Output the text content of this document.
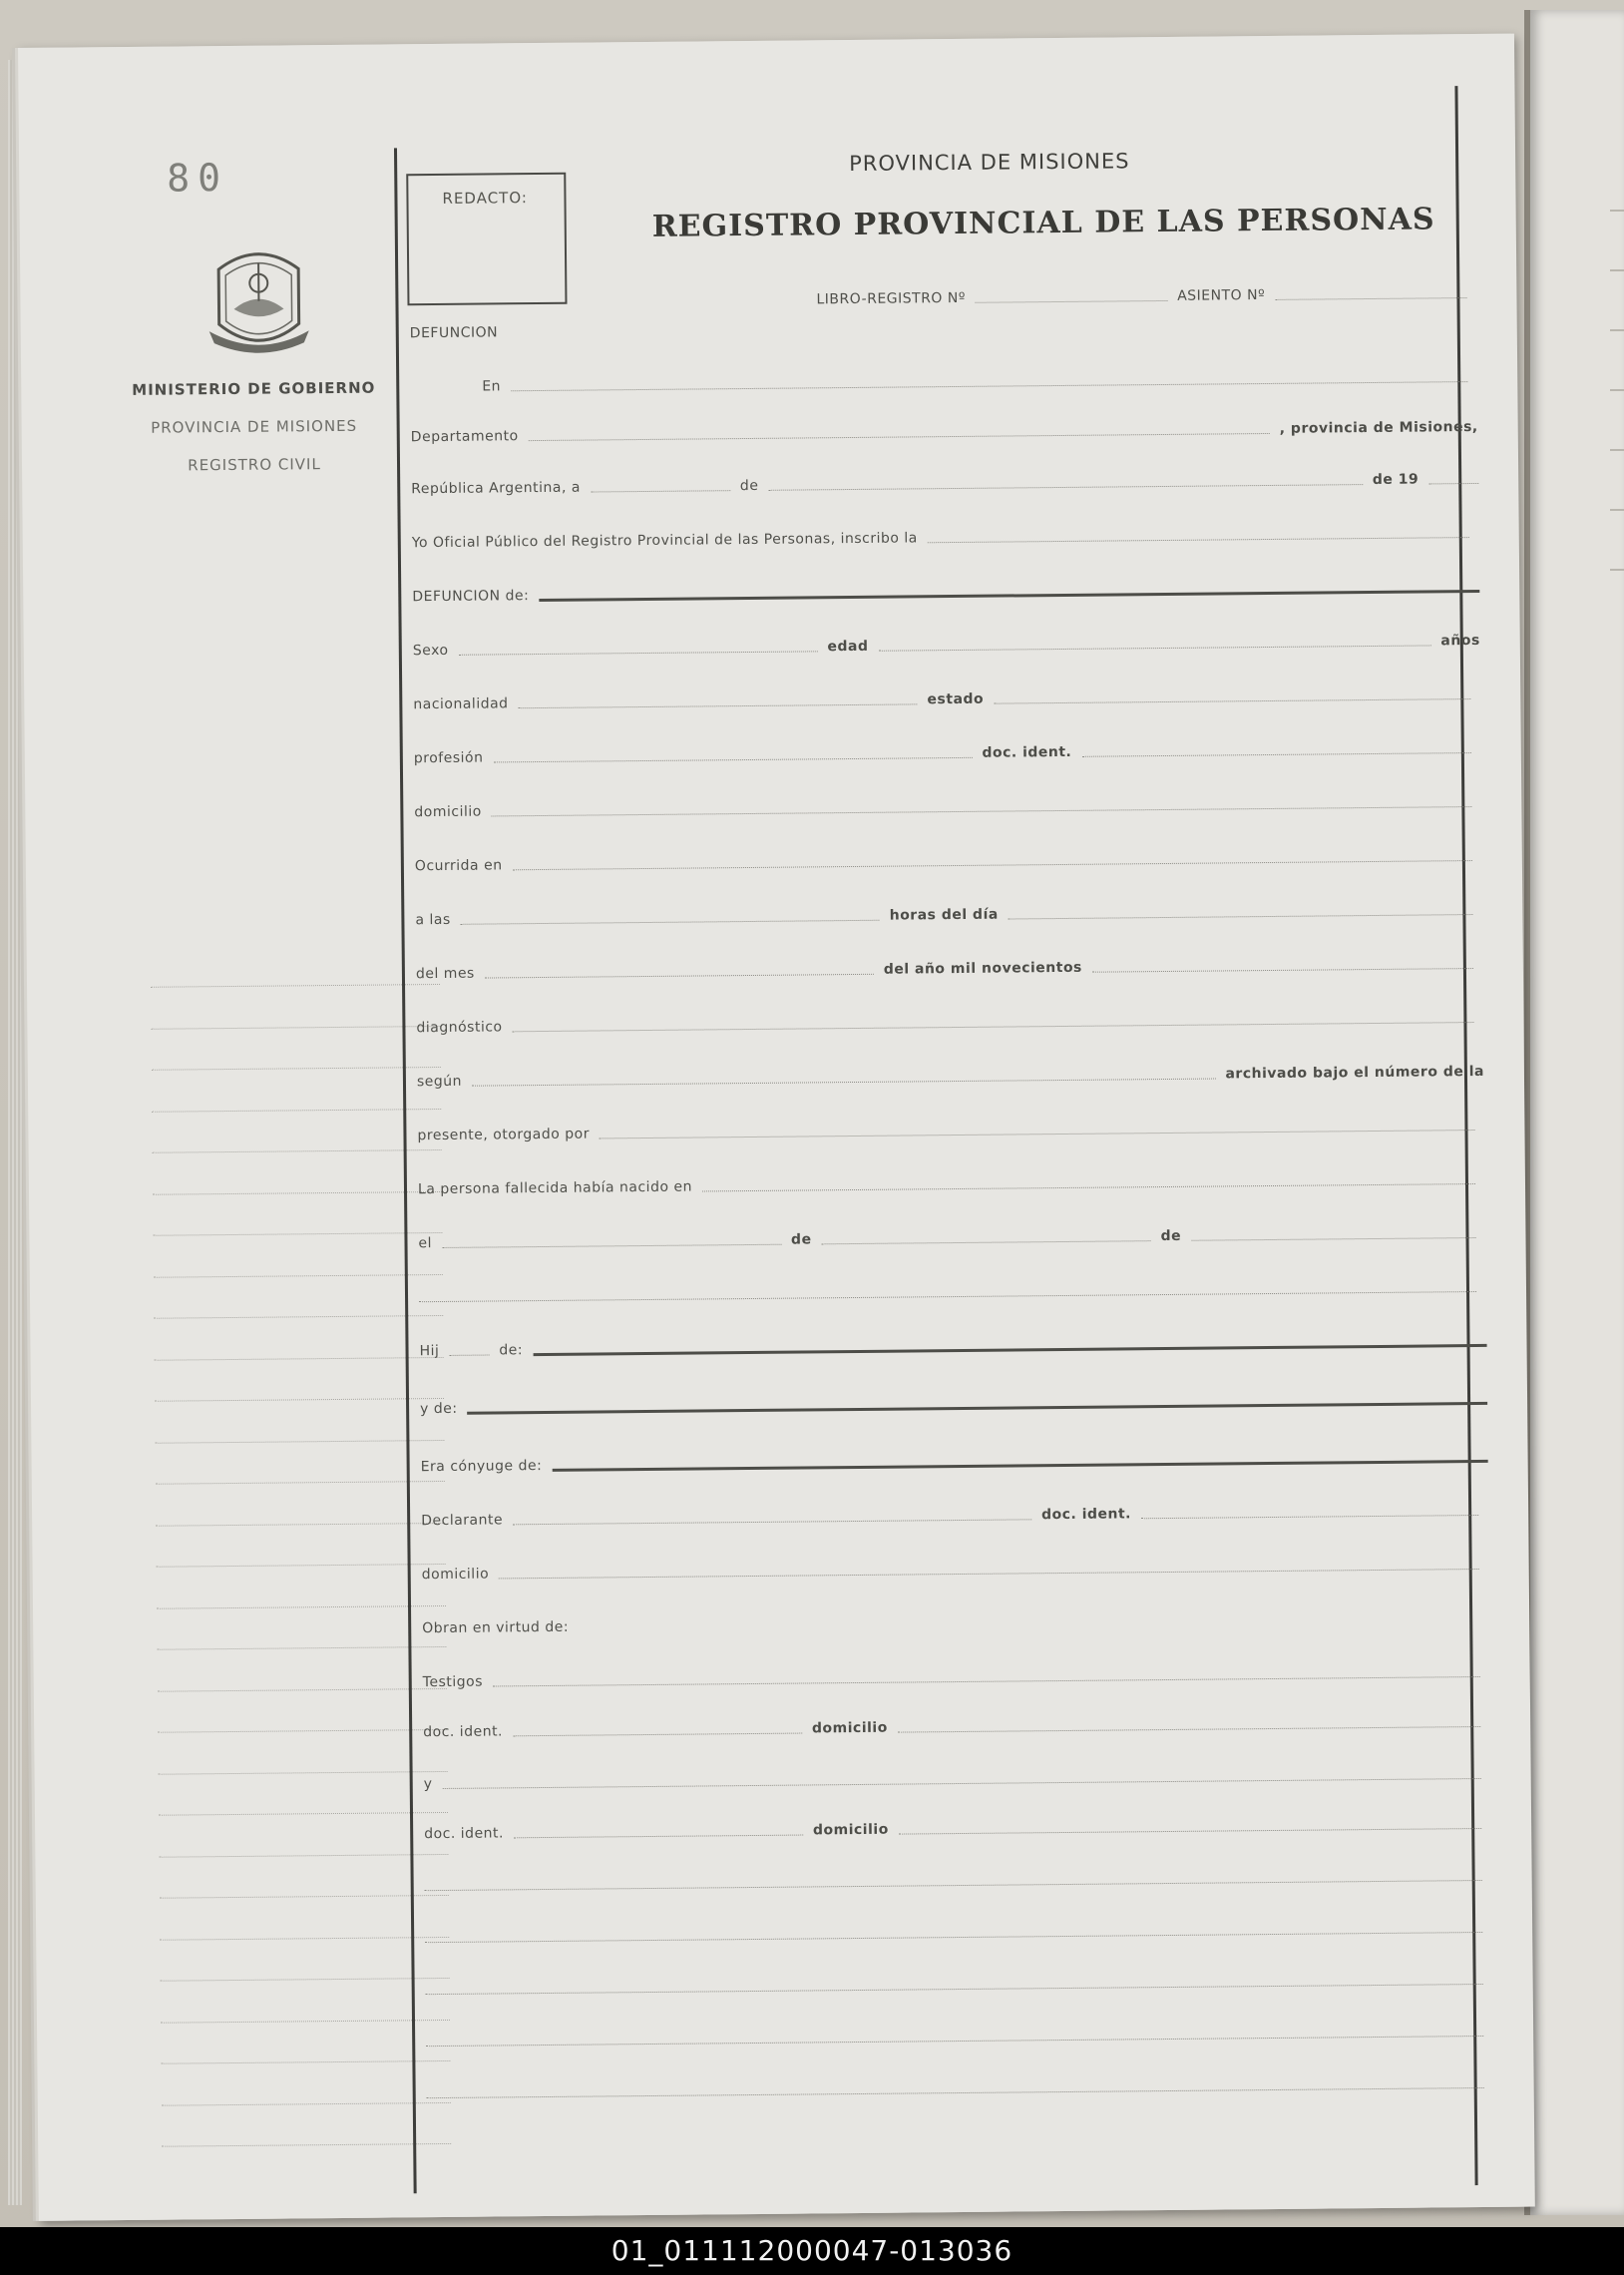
80
MINISTERIO DE GOBIERNO
PROVINCIA DE MISIONES
REGISTRO CIVIL
REDACTO:
PROVINCIA DE MISIONES
REGISTRO PROVINCIAL DE LAS PERSONAS
LIBRO-REGISTRO Nº	ASIENTO Nº
DEFUNCION
En
Departamento	, provincia de Misiones,
República Argentina, a	de	de 19
Yo Oficial Público del Registro Provincial de las Personas, inscribo la
DEFUNCION de:
Sexo	edad	años
nacionalidad	estado
profesión	doc. ident.
domicilio
Ocurrida en
a las	horas del día
del mes	del año mil novecientos
diagnóstico
según	archivado bajo el número de la
presente, otorgado por
La persona fallecida había nacido en
el	de	de
Hij	de:
y de:
Era cónyuge de:
Declarante	doc. ident.
domicilio
Obran en virtud de:
Testigos
doc. ident.	domicilio
y
doc. ident.	domicilio
01_011112000047-013036
